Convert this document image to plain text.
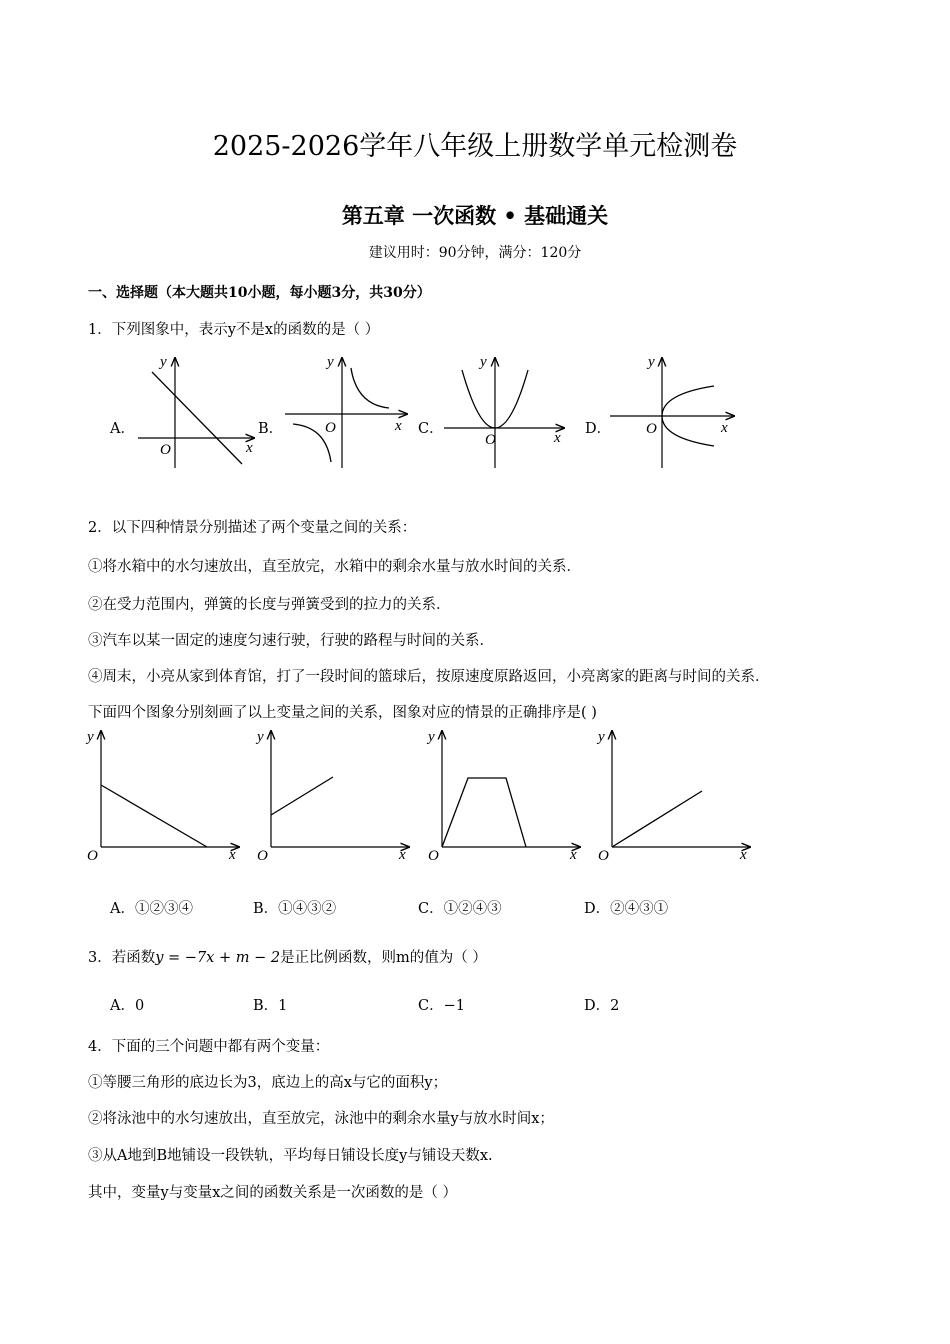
2025-2026学年八年级上册数学单元检测卷
第五章 一次函数 • 基础通关
建议用时：90分钟，满分：120分
一、选择题（本大题共10小题，每小题3分，共30分）
1．下列图象中，表示y不是x的函数的是（ ）
A．	B．	C．	D．
y
x
O
y
x
O
y
x
O
y
x
O
2．以下四种情景分别描述了两个变量之间的关系：
①将水箱中的水匀速放出，直至放完，水箱中的剩余水量与放水时间的关系．
②在受力范围内，弹簧的长度与弹簧受到的拉力的关系．
③汽车以某一固定的速度匀速行驶，行驶的路程与时间的关系．
④周末，小亮从家到体育馆，打了一段时间的篮球后，按原速度原路返回，小亮离家的距离与时间的关系．
下面四个图象分别刻画了以上变量之间的关系，图象对应的情景的正确排序是( )
y
x
O
y
x
O
y
x
O
y
x
O
A．①②③④	B．①④③②	C．①②④③	D．②④③①
3．若函数y = −7x + m − 2是正比例函数，则m的值为（ ）
A．0	B．1	C．−1	D．2
4．下面的三个问题中都有两个变量：
①等腰三角形的底边长为3，底边上的高x与它的面积y；
②将泳池中的水匀速放出，直至放完，泳池中的剩余水量y与放水时间x；
③从A地到B地铺设一段铁轨，平均每日铺设长度y与铺设天数x.
其中，变量y与变量x之间的函数关系是一次函数的是（ ）
